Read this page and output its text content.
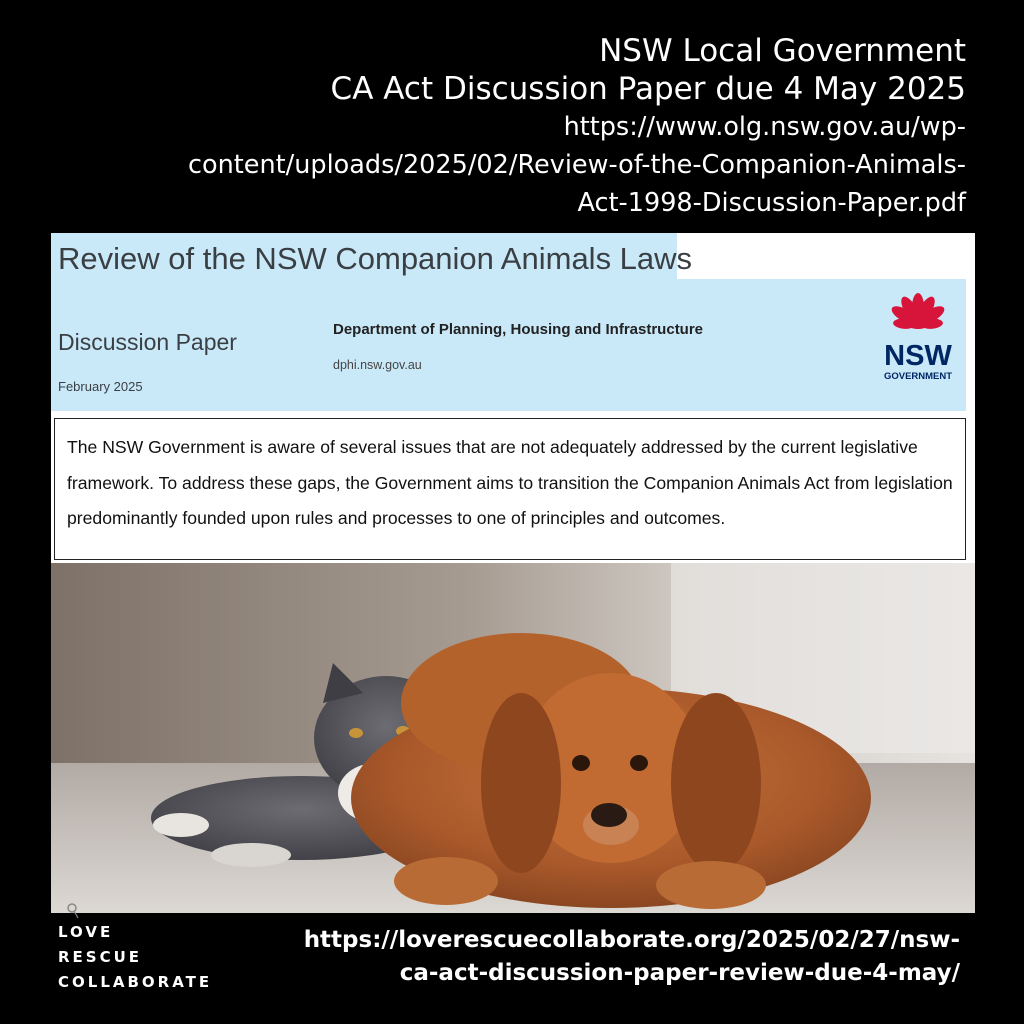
NSW Local Government
CA Act Discussion Paper due 4 May 2025
https://www.olg.nsw.gov.au/wp-
content/uploads/2025/02/Review-of-the-Companion-Animals-
Act-1998-Discussion-Paper.pdf
Review of the NSW Companion Animals Laws
Discussion Paper
February 2025
Department of Planning, Housing and Infrastructure
dphi.nsw.gov.au	NSW
GOVERNMENT

The NSW Government is aware of several issues that are not adequately addressed by the current legislative framework. To address these gaps, the Government aims to transition the Companion Animals Act from legislation predominantly founded upon rules and processes to one of principles and outcomes.

LOVE
RESCUE
COLLABORATE
https://loverescuecollaborate.org/2025/02/27/nsw-
ca-act-discussion-paper-review-due-4-may/
